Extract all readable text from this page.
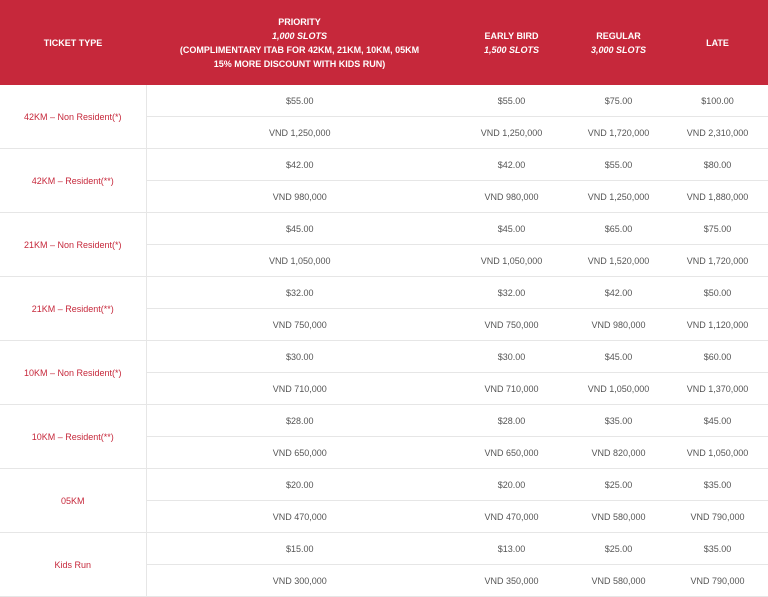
TICKET TYPE	PRIORITY
1,000 SLOTS
(COMPLIMENTARY ITAB FOR 42KM, 21KM, 10KM, 05KM
15% MORE DISCOUNT WITH KIDS RUN)	EARLY BIRD
1,500 SLOTS	REGULAR
3,000 SLOTS	LATE

42KM – Non Resident(*)	$55.00	$55.00	$75.00	$100.00
	VND 1,250,000	VND 1,250,000	VND 1,720,000	VND 2,310,000
42KM – Resident(**)	$42.00	$42.00	$55.00	$80.00
	VND 980,000	VND 980,000	VND 1,250,000	VND 1,880,000
21KM – Non Resident(*)	$45.00	$45.00	$65.00	$75.00
	VND 1,050,000	VND 1,050,000	VND 1,520,000	VND 1,720,000
21KM – Resident(**)	$32.00	$32.00	$42.00	$50.00
	VND 750,000	VND 750,000	VND 980,000	VND 1,120,000
10KM – Non Resident(*)	$30.00	$30.00	$45.00	$60.00
	VND 710,000	VND 710,000	VND 1,050,000	VND 1,370,000
10KM – Resident(**)	$28.00	$28.00	$35.00	$45.00
	VND 650,000	VND 650,000	VND 820,000	VND 1,050,000
05KM	$20.00	$20.00	$25.00	$35.00
	VND 470,000	VND 470,000	VND 580,000	VND 790,000
Kids Run	$15.00	$13.00	$25.00	$35.00
	VND 300,000	VND 350,000	VND 580,000	VND 790,000
